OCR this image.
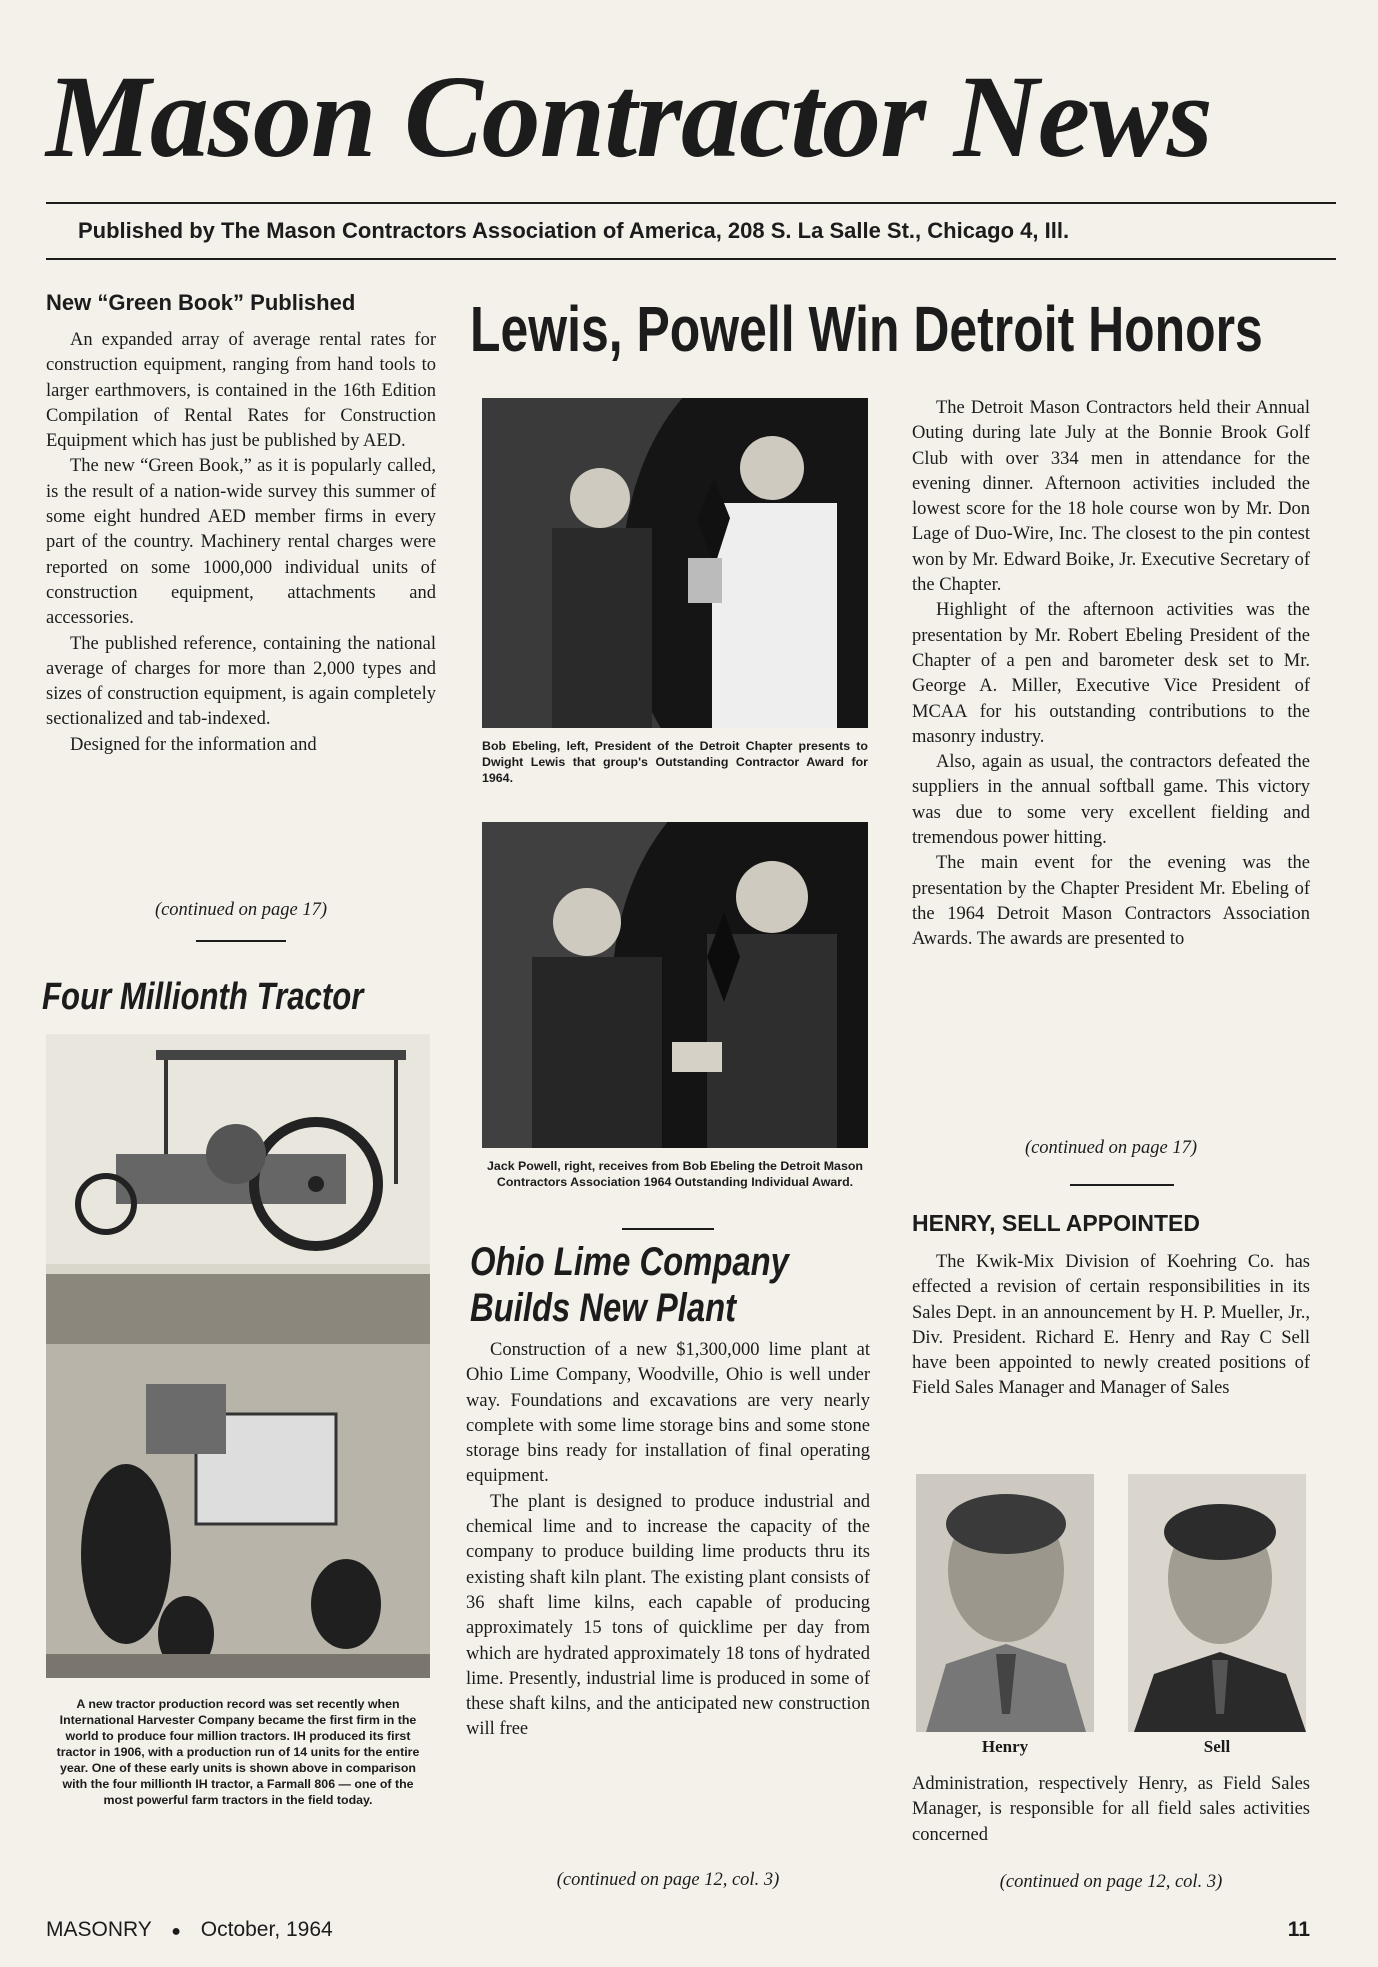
Mason Contractor News
Published by The Mason Contractors Association of America, 208 S. La Salle St., Chicago 4, Ill.
New “Green Book” Published

An expanded array of average rental rates for construction equipment, ranging from hand tools to larger earthmovers, is contained in the 16th Edition Compilation of Rental Rates for Construction Equipment which has just be published by AED.

The new “Green Book,” as it is popularly called, is the result of a nation-wide survey this summer of some eight hundred AED member firms in every part of the country. Machinery rental charges were reported on some 1000,000 individual units of construction equipment, attachments and accessories.

The published reference, containing the national average of charges for more than 2,000 types and sizes of construction equipment, is again completely sectionalized and tab-indexed.

Designed for the information and

(continued on page 17)
Four Millionth Tractor
A new tractor production record was set recently when International Harvester Company became the first firm in the world to produce four million tractors. IH produced its first tractor in 1906, with a production run of 14 units for the entire year. One of these early units is shown above in comparison with the four millionth IH tractor, a Farmall 806 — one of the most powerful farm tractors in the field today.
Lewis, Powell Win Detroit Honors
Bob Ebeling, left, President of the Detroit Chapter presents to Dwight Lewis that group's Outstanding Contractor Award for 1964.
Jack Powell, right, receives from Bob Ebeling the Detroit Mason Contractors Association 1964 Outstanding Individual Award.
Ohio Lime Company
Builds New Plant

Construction of a new $1,300,000 lime plant at Ohio Lime Company, Woodville, Ohio is well under way. Foundations and excavations are very nearly complete with some lime storage bins and some stone storage bins ready for installation of final operating equipment.

The plant is designed to produce industrial and chemical lime and to increase the capacity of the company to produce building lime products thru its existing shaft kiln plant. The existing plant consists of 36 shaft lime kilns, each capable of producing approximately 15 tons of quicklime per day from which are hydrated approximately 18 tons of hydrated lime. Presently, industrial lime is produced in some of these shaft kilns, and the anticipated new construction will free

(continued on page 12, col. 3)

The Detroit Mason Contractors held their Annual Outing during late July at the Bonnie Brook Golf Club with over 334 men in attendance for the evening dinner. Afternoon activities included the lowest score for the 18 hole course won by Mr. Don Lage of Duo-Wire, Inc. The closest to the pin contest won by Mr. Edward Boike, Jr. Executive Secretary of the Chapter.

Highlight of the afternoon activities was the presentation by Mr. Robert Ebeling President of the Chapter of a pen and barometer desk set to Mr. George A. Miller, Executive Vice President of MCAA for his outstanding contributions to the masonry industry.

Also, again as usual, the contractors defeated the suppliers in the annual softball game. This victory was due to some very excellent fielding and tremendous power hitting.

The main event for the evening was the presentation by the Chapter President Mr. Ebeling of the 1964 Detroit Mason Contractors Association Awards. The awards are presented to

(continued on page 17)
HENRY, SELL APPOINTED

The Kwik-Mix Division of Koehring Co. has effected a revision of certain responsibilities in its Sales Dept. in an announcement by H. P. Mueller, Jr., Div. President. Richard E. Henry and Ray C Sell have been appointed to newly created positions of Field Sales Manager and Manager of Sales

Henry	Sell

Administration, respectively Henry, as Field Sales Manager, is responsible for all field sales activities concerned

(continued on page 12, col. 3)
MASONRY ● October, 1964	11
